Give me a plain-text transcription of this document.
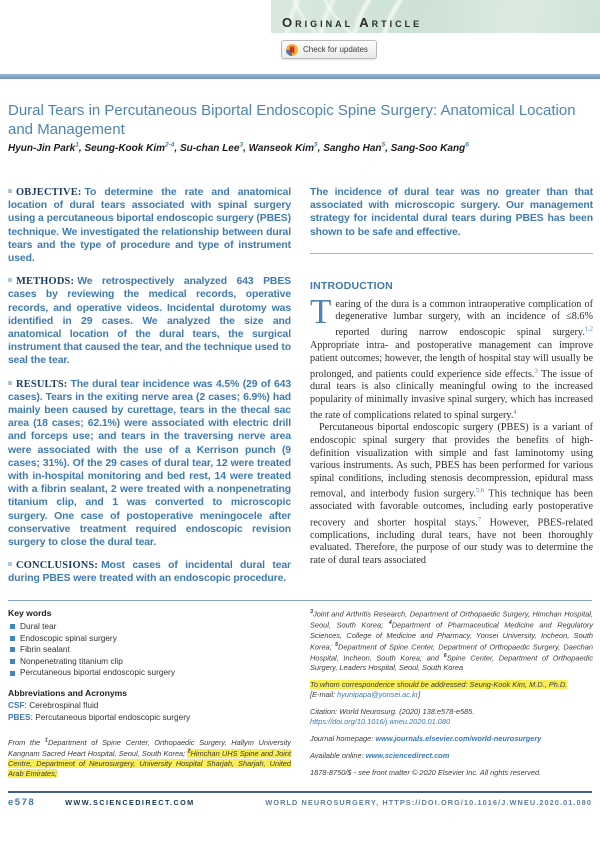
Original Article
Check for updates
Dural Tears in Percutaneous Biportal Endoscopic Spine Surgery: Anatomical Location and Management
Hyun-Jin Park$^1$, Seung-Kook Kim$^{2-4}$, Su-chan Lee$^3$, Wanseok Kim$^5$, Sangho Han$^5$, Sang-Soo Kang$^6$

OBJECTIVE: To determine the rate and anatomical location of dural tears associated with spinal surgery using a percutaneous biportal endoscopic surgery (PBES) technique. We investigated the relationship between dural tears and the type of procedure and type of instrument used.

METHODS: We retrospectively analyzed 643 PBES cases by reviewing the medical records, operative records, and operative videos. Incidental durotomy was identified in 29 cases. We analyzed the size and anatomical location of the dural tears, the surgical instrument that caused the tear, and the technique used to seal the tear.

RESULTS: The dural tear incidence was 4.5% (29 of 643 cases). Tears in the exiting nerve area (2 cases; 6.9%) had mainly been caused by curettage, tears in the thecal sac area (18 cases; 62.1%) were associated with electric drill and forceps use; and tears in the traversing nerve area were associated with the use of a Kerrison punch (9 cases; 31%). Of the 29 cases of dural tear, 12 were treated with in-hospital monitoring and bed rest, 14 were treated with a fibrin sealant, 2 were treated with a nonpenetrating titanium clip, and 1 was converted to microscopic surgery. One case of postoperative meningocele after conservative treatment required endoscopic revision surgery to close the dural tear.

CONCLUSIONS: Most cases of incidental dural tear during PBES were treated with an endoscopic procedure.

The incidence of dural tear was no greater than that associated with microscopic surgery. Our management strategy for incidental dural tears during PBES has been shown to be safe and effective.

INTRODUCTION

Tearing of the dura is a common intraoperative complication of degenerative lumbar surgery, with an incidence of ≤8.6% reported during narrow endoscopic spinal surgery.$^{1,2}$ Appropriate intra- and postoperative management can improve patient outcomes; however, the length of hospital stay will usually be prolonged, and patients could experience side effects.$^3$ The issue of dural tears is also clinically meaningful owing to the increased popularity of minimally invasive spinal surgery, which has increased the rate of complications related to spinal surgery.$^4$

Percutaneous biportal endoscopic surgery (PBES) is a variant of endoscopic spinal surgery that provides the benefits of high-definition visualization with simple and fast laminotomy using various instruments. As such, PBES has been performed for various spinal conditions, including stenosis decompression, epidural mass removal, and interbody fusion surgery.$^{5,6}$ This technique has been associated with favorable outcomes, including early postoperative recovery and shorter hospital stays.$^7$ However, PBES-related complications, including dural tears, have not been thoroughly evaluated. Therefore, the purpose of our study was to determine the rate of dural tears associated

Key words
Dural tear
Endoscopic spinal surgery
Fibrin sealant
Nonpenetrating titanium clip
Percutaneous biportal endoscopic surgery
Abbreviations and Acronyms
CSF: Cerebrospinal fluid
PBES: Percutaneous biportal endoscopic surgery

From the $^1$Department of Spine Center, Orthopaedic Surgery, Hallym University Kangnam Sacred Heart Hospital, Seoul, South Korea; $^2$Himchan UHS Spine and Joint Centre, Department of Neurosurgery, University Hospital Sharjah, Sharjah, United Arab Emirates;

$^3$Joint and Arthritis Research, Department of Orthopaedic Surgery, Himchan Hospital, Seoul, South Korea; $^4$Department of Pharmaceutical Medicine and Regulatory Sciences, College of Medicine and Pharmacy, Yonsei University, Incheon, South Korea; $^5$Department of Spine Center, Department of Orthopaedic Surgery, Daechan Hospital, Incheon, South Korea; and $^6$Spine Center, Department of Orthopaedic Surgery, Leaders Hospital, Seoul, South Korea

To whom correspondence should be addressed: Seung-Kook Kim, M.D., Ph.D.
[E-mail: hyunipapa@yonsei.ac.kr]

Citation: World Neurosurg. (2020) 138:e578-e585.
https://doi.org/10.1016/j.wneu.2020.01.080

Journal homepage: www.journals.elsevier.com/world-neurosurgery

Available online: www.sciencedirect.com

1878-8750/$ - see front matter © 2020 Elsevier Inc. All rights reserved.

e578	WWW.SCIENCEDIRECT.COM	WORLD NEUROSURGERY, HTTPS://DOI.ORG/10.1016/J.WNEU.2020.01.080
